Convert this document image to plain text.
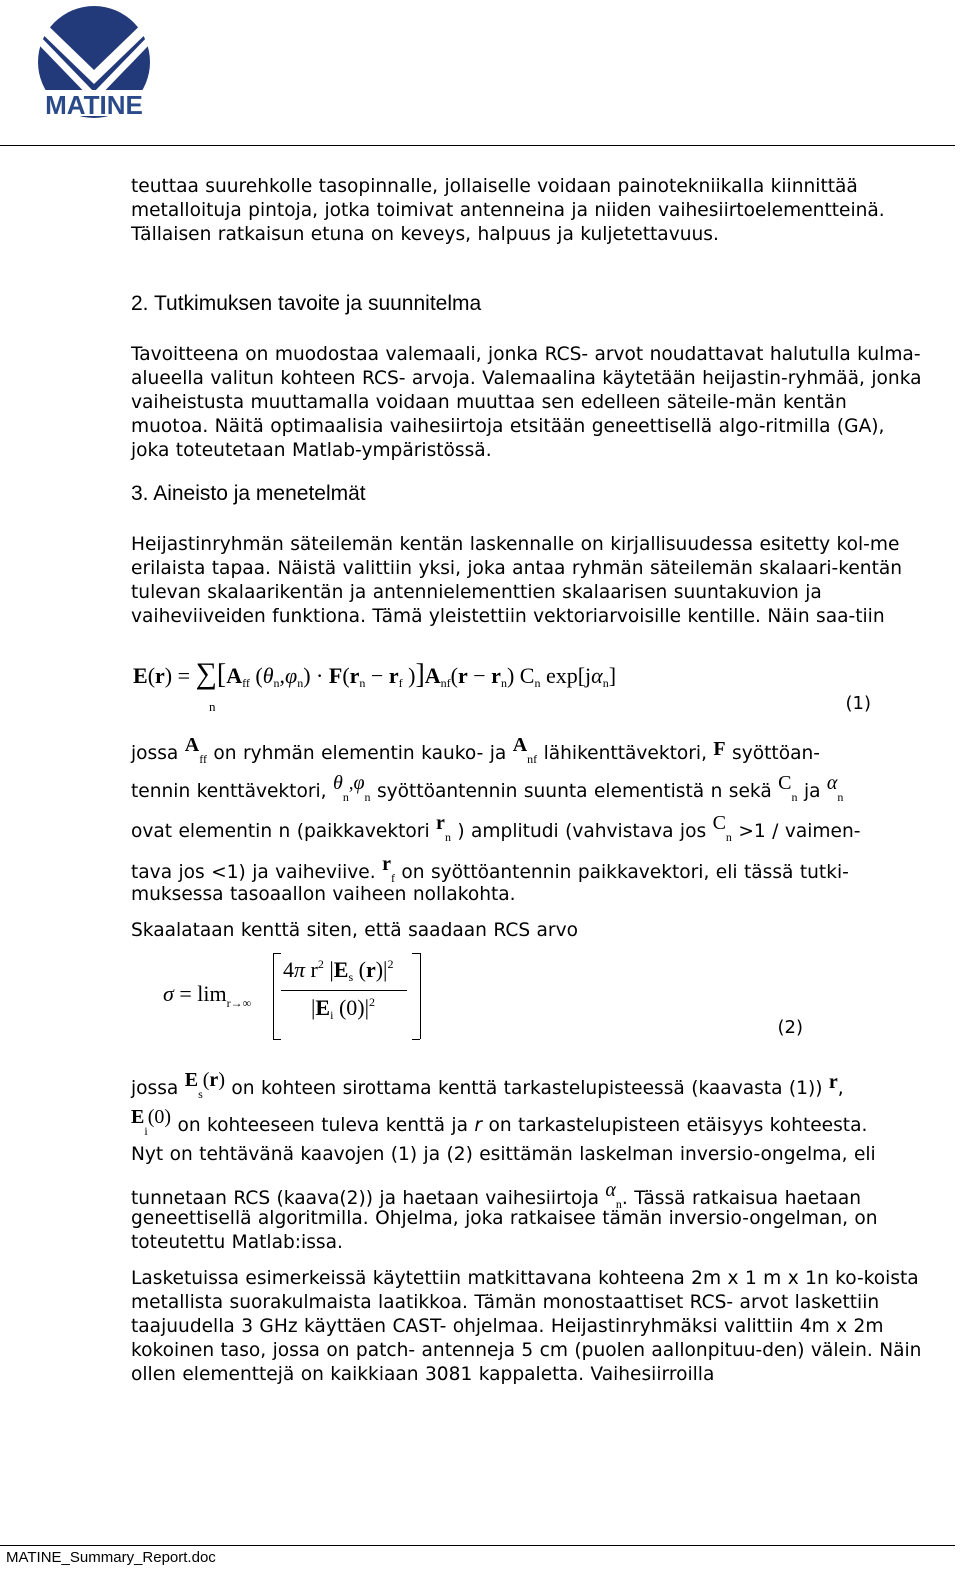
MATINE

teuttaa suurehkolle tasopinnalle, jollaiselle voidaan painotekniikalla kiinnittää metalloituja pintoja, jotka toimivat antenneina ja niiden vaihesiirtoelementteinä. Tällaisen ratkaisun etuna on keveys, halpuus ja kuljetettavuus.

2. Tutkimuksen tavoite ja suunnitelma

Tavoitteena on muodostaa valemaali, jonka RCS- arvot noudattavat halutulla kulma-alueella valitun kohteen RCS- arvoja. Valemaalina käytetään heijastin-ryhmää, jonka vaiheistusta muuttamalla voidaan muuttaa sen edelleen säteile-män kentän muotoa. Näitä optimaalisia vaihesiirtoja etsitään geneettisellä algo-ritmilla (GA), joka toteutetaan Matlab-ympäristössä.

3. Aineisto ja menetelmät

Heijastinryhmän säteilemän kentän laskennalle on kirjallisuudessa esitetty kol-me erilaista tapaa. Näistä valittiin yksi, joka antaa ryhmän säteilemän skalaari-kentän tulevan skalaarikentän ja antennielementtien skalaarisen suuntakuvion ja vaiheviiveiden funktiona. Tämä yleistettiin vektoriarvoisille kentille. Näin saa-tiin

$E(r) = \sum[A_{ff}$ $(\theta_n,\varphi_n) \cdot F(r_n - r_f$ )]$A_{nf}(r - r_n)$ $C_n$ $\exp[j\alpha_n]$
n	(1)
jossa $A_{ff}$ on ryhmän elementin kauko- ja $A_{nf}$ lähikenttävektori, F syöttöan-
tennin kenttävektori, $\theta_n,\varphi_n$ syöttöantennin suunta elementistä n sekä $C_n$ ja $\alpha_n$
ovat elementin n (paikkavektori $r_n$ ) amplitudi (vahvistava jos $C_n >1$ / vaimen-
tava jos <1) ja vaiheviive. $r_f$ on syöttöantennin paikkavektori, eli tässä tutki-

muksessa tasoaallon vaiheen nollakohta.

Skaalataan kenttä siten, että saadaan RCS arvo

$\sigma = \lim_{r\to\infty}$
4π $r^2$ $|E_s$ $(r)|^2$
$|E_i$ $(0)|^2$
(2)
jossa $E_s(r)$ on kohteen sirottama kenttä tarkastelupisteessä (kaavasta (1)) r,
$E_i(0)$ on kohteeseen tuleva kenttä ja r on tarkastelupisteen etäisyys kohteesta.

Nyt on tehtävänä kaavojen (1) ja (2) esittämän laskelman inversio-ongelma, eli

tunnetaan RCS (kaava(2)) ja haetaan vaihesiirtoja $\alpha_n$. Tässä ratkaisua haetaan

geneettisellä algoritmilla. Ohjelma, joka ratkaisee tämän inversio-ongelman, on toteutettu Matlab:issa.

Lasketuissa esimerkeissä käytettiin matkittavana kohteena 2m x 1 m x 1n ko-koista metallista suorakulmaista laatikkoa. Tämän monostaattiset RCS- arvot laskettiin taajuudella 3 GHz käyttäen CAST- ohjelmaa. Heijastinryhmäksi valittiin 4m x 2m kokoinen taso, jossa on patch- antenneja 5 cm (puolen aallonpituu-den) välein. Näin ollen elementtejä on kaikkiaan 3081 kappaletta. Vaihesiirroilla

MATINE_Summary_Report.doc
